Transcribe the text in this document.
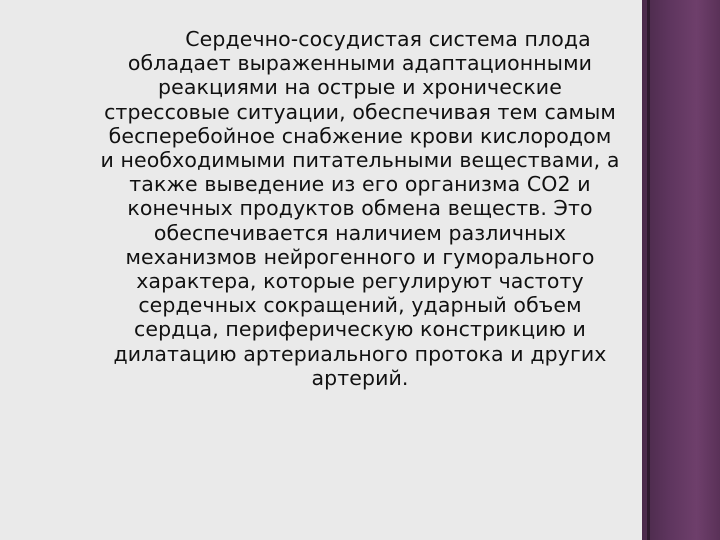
Сердечно-сосудистая система плода
обладает выраженными адаптационными
реакциями на острые и хронические
стрессовые ситуации, обеспечивая тем самым
бесперебойное снабжение крови кислородом
и необходимыми питательными веществами, а
также выведение из его организма СО2 и
конечных продуктов обмена веществ. Это
обеспечивается наличием различных
механизмов нейрогенного и гуморального
характера, которые регулируют частоту
сердечных сокращений, ударный объем
сердца, периферическую констрикцию и
дилатацию артериального протока и других
артерий.
